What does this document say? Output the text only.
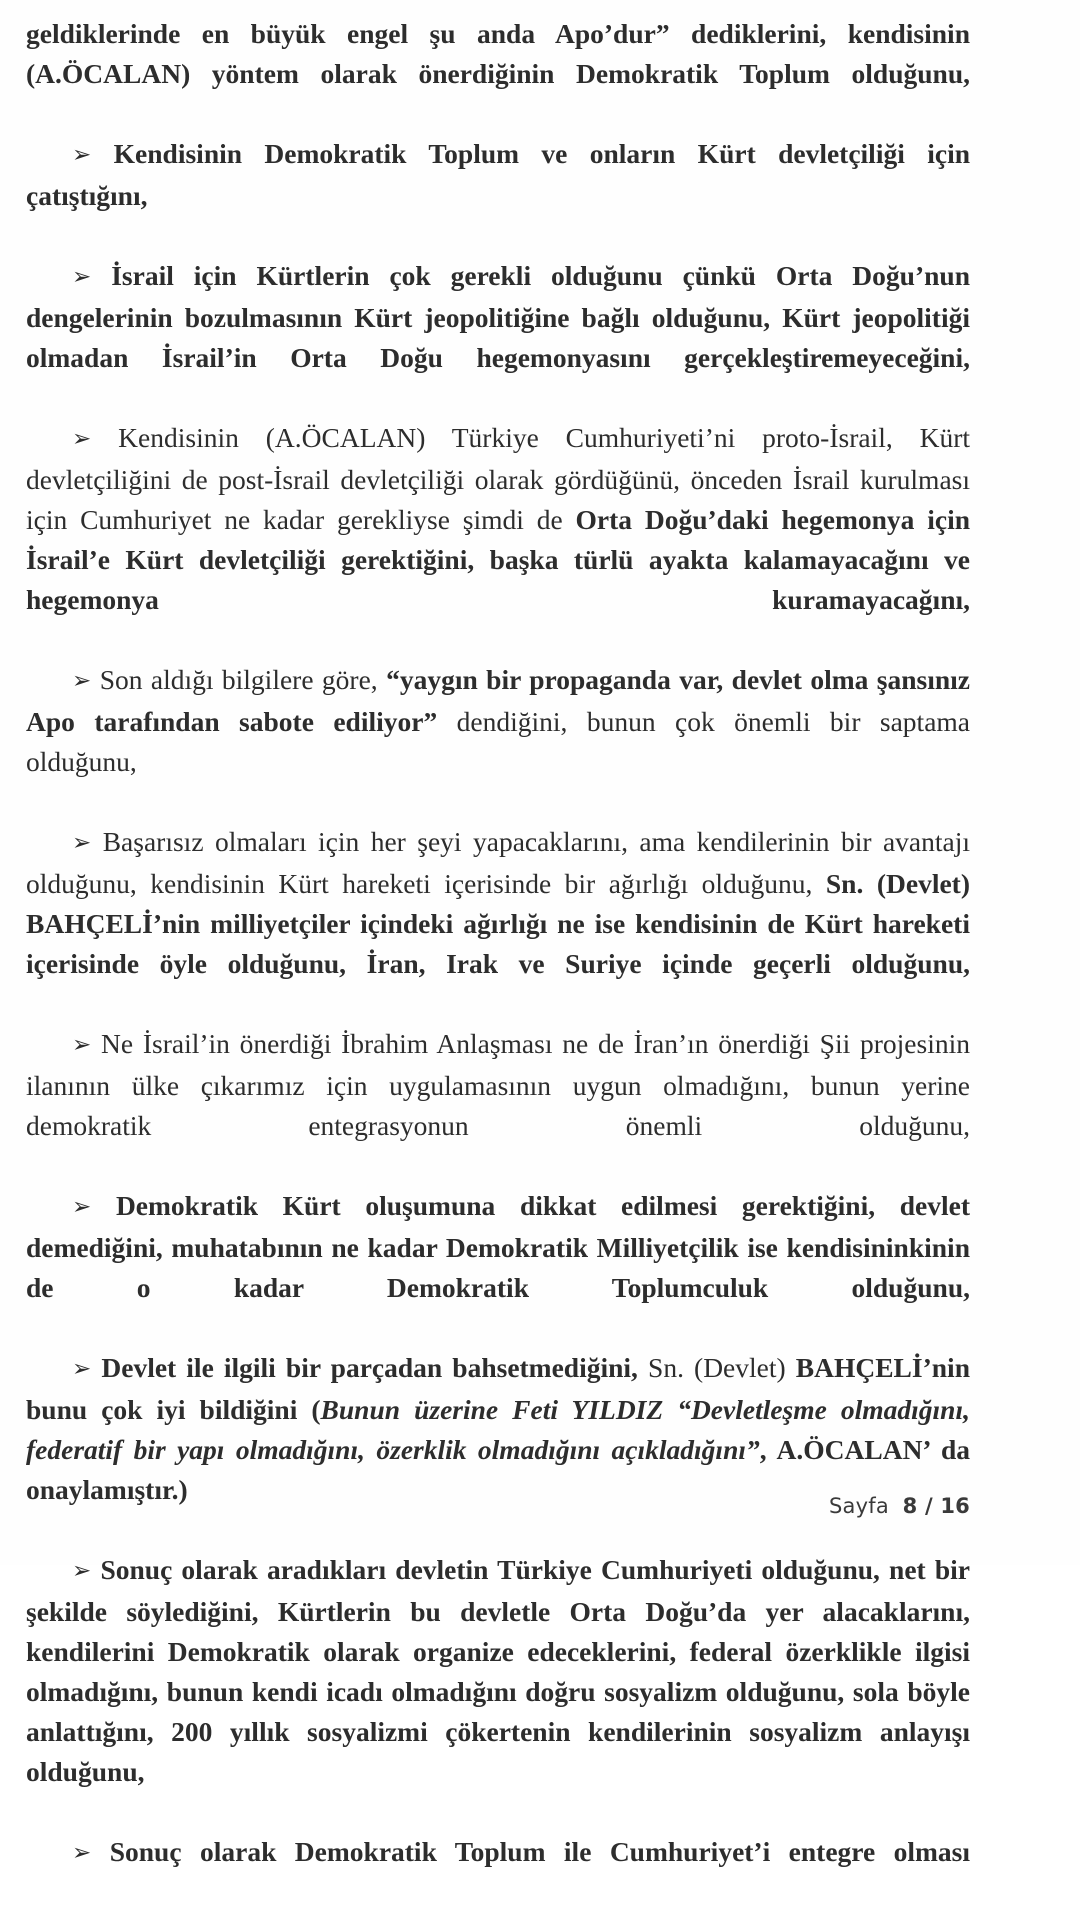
geldiklerinde en büyük engel şu anda Apo’dur” dediklerini, kendisinin (A.ÖCALAN) yöntem olarak önerdiğinin Demokratik Toplum olduğunu,

➢ Kendisinin Demokratik Toplum ve onların Kürt devletçiliği için çatıştığını,

➢ İsrail için Kürtlerin çok gerekli olduğunu çünkü Orta Doğu’nun dengelerinin bozulmasının Kürt jeopolitiğine bağlı olduğunu, Kürt jeopolitiği olmadan İsrail’in Orta Doğu hegemonyasını gerçekleştiremeyeceğini,

➢ Kendisinin (A.ÖCALAN) Türkiye Cumhuriyeti’ni proto-İsrail, Kürt devletçiliğini de post-İsrail devletçiliği olarak gördüğünü, önceden İsrail kurulması için Cumhuriyet ne kadar gerekliyse şimdi de Orta Doğu’daki hegemonya için İsrail’e Kürt devletçiliği gerektiğini, başka türlü ayakta kalamayacağını ve hegemonya kuramayacağını,

➢ Son aldığı bilgilere göre, “yaygın bir propaganda var, devlet olma şansınız Apo tarafından sabote ediliyor” dendiğini, bunun çok önemli bir saptama olduğunu,

➢ Başarısız olmaları için her şeyi yapacaklarını, ama kendilerinin bir avantajı olduğunu, kendisinin Kürt hareketi içerisinde bir ağırlığı olduğunu, Sn. (Devlet) BAHÇELİ’nin milliyetçiler içindeki ağırlığı ne ise kendisinin de Kürt hareketi içerisinde öyle olduğunu, İran, Irak ve Suriye içinde geçerli olduğunu,

➢ Ne İsrail’in önerdiği İbrahim Anlaşması ne de İran’ın önerdiği Şii projesinin ilanının ülke çıkarımız için uygulamasının uygun olmadığını, bunun yerine demokratik entegrasyonun önemli olduğunu,

➢ Demokratik Kürt oluşumuna dikkat edilmesi gerektiğini, devlet demediğini, muhatabının ne kadar Demokratik Milliyetçilik ise kendisininkinin de o kadar Demokratik Toplumculuk olduğunu,

➢ Devlet ile ilgili bir parçadan bahsetmediğini, Sn. (Devlet) BAHÇELİ’nin bunu çok iyi bildiğini (Bunun üzerine Feti YILDIZ “Devletleşme olmadığını, federatif bir yapı olmadığını, özerklik olmadığını açıkladığını”, A.ÖCALAN’ da onaylamıştır.)

➢ Sonuç olarak aradıkları devletin Türkiye Cumhuriyeti olduğunu, net bir şekilde söylediğini, Kürtlerin bu devletle Orta Doğu’da yer alacaklarını, kendilerini Demokratik olarak organize edeceklerini, federal özerklikle ilgisi olmadığını, bunun kendi icadı olmadığını doğru sosyalizm olduğunu, sola böyle anlattığını, 200 yıllık sosyalizmi çökertenin kendilerinin sosyalizm anlayışı olduğunu,

➢ Sonuç olarak Demokratik Toplum ile Cumhuriyet’i entegre olması

Sayfa 8 / 16
